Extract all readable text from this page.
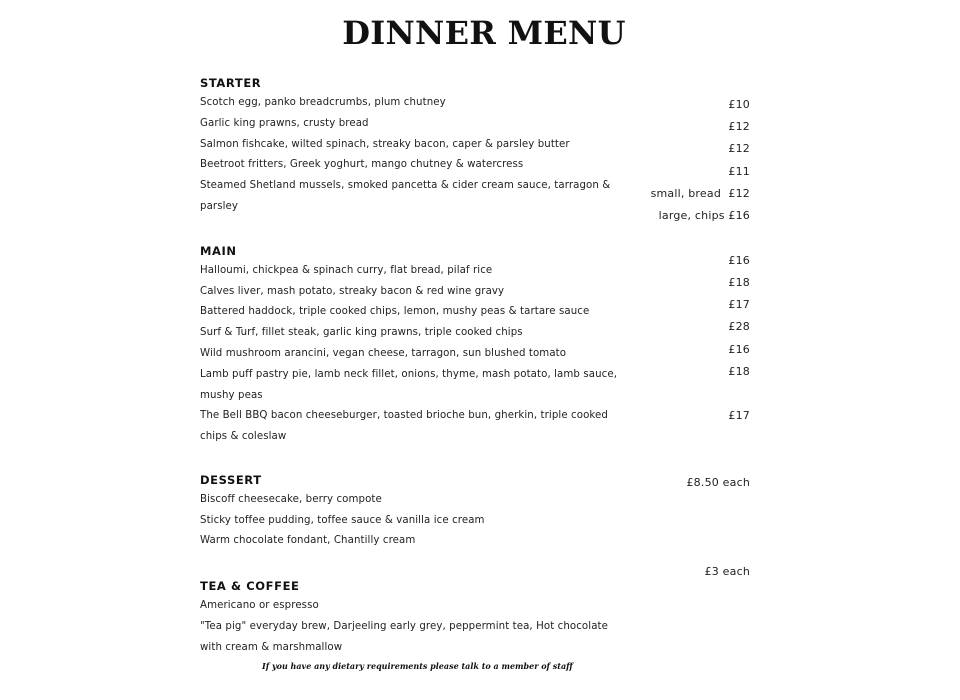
DINNER MENU
STARTER
Scotch egg, panko breadcrumbs, plum chutney
Garlic king prawns, crusty bread
Salmon fishcake, wilted spinach, streaky bacon, caper & parsley butter
Beetroot fritters, Greek yoghurt, mango chutney & watercress
Steamed Shetland mussels, smoked pancetta & cider cream sauce, tarragon & parsley
£10
£12
£12
£11
small, bread  £12
large, chips £16
MAIN
Halloumi, chickpea & spinach curry, flat bread, pilaf rice
Calves liver, mash potato, streaky bacon & red wine gravy
Battered haddock, triple cooked chips, lemon, mushy peas & tartare sauce
Surf & Turf, fillet steak, garlic king prawns, triple cooked chips
Wild mushroom arancini, vegan cheese, tarragon, sun blushed tomato
Lamb puff pastry pie, lamb neck fillet, onions, thyme, mash potato, lamb sauce, mushy peas
The Bell BBQ bacon cheeseburger, toasted brioche bun, gherkin, triple cooked chips & coleslaw
£16
£18
£17
£28
£16
£18
£17
DESSERT	£8.50 each
Biscoff cheesecake, berry compote
Sticky toffee pudding, toffee sauce & vanilla ice cream
Warm chocolate fondant, Chantilly cream
TEA & COFFEE
£3 each
Americano or espresso
"Tea pig" everyday brew, Darjeeling early grey, peppermint tea, Hot chocolate with cream & marshmallow
If you have any dietary requirements please talk to a member of staff
